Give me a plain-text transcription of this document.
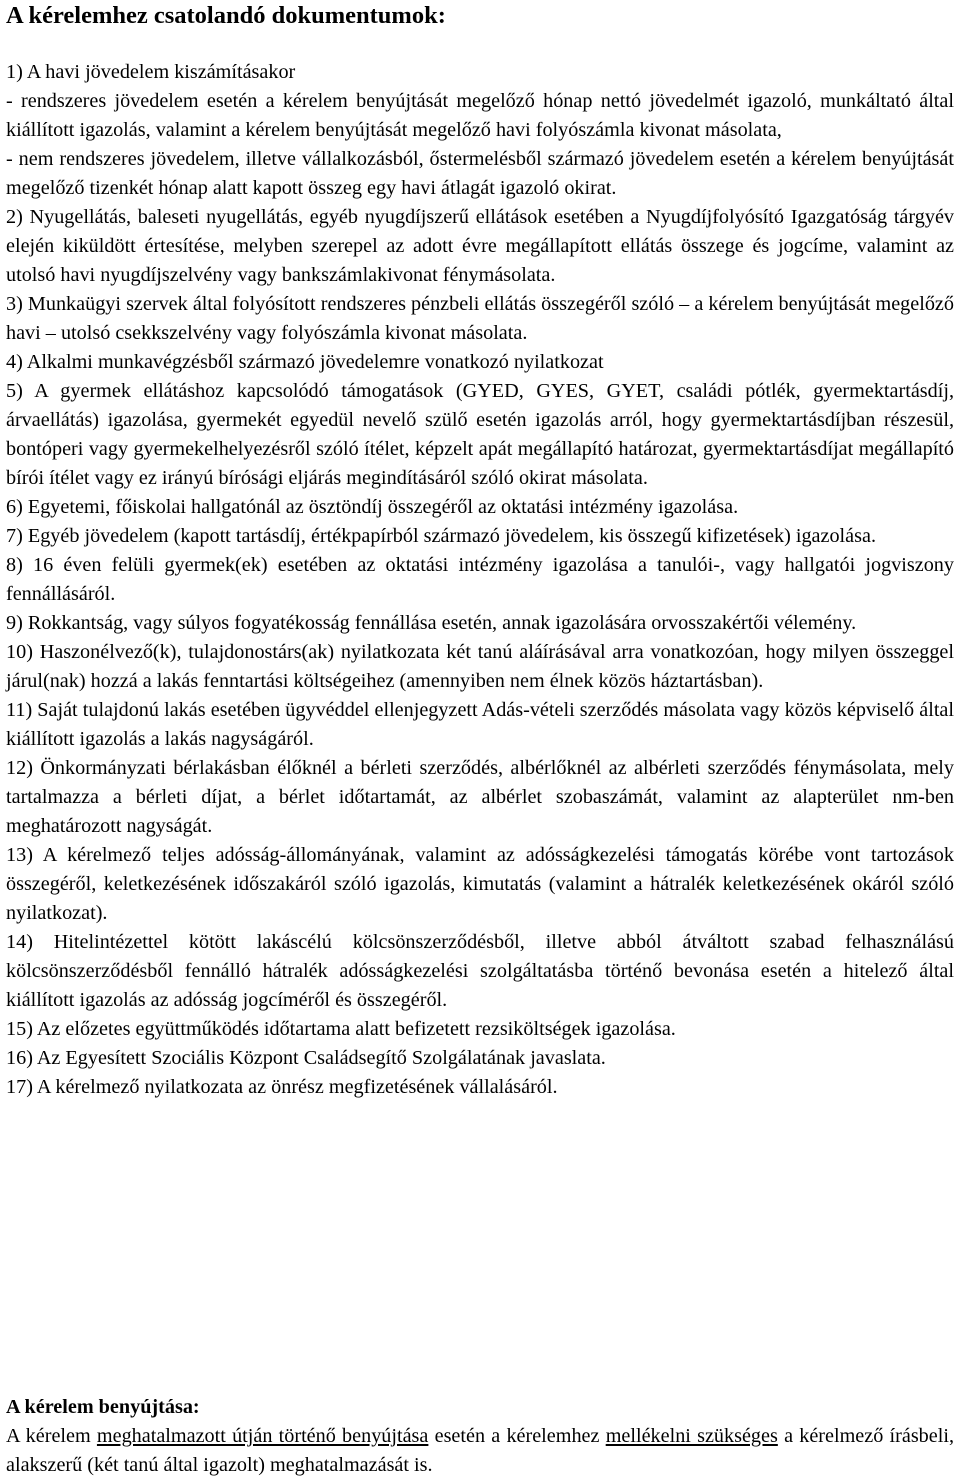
A kérelemhez csatolandó dokumentumok:

1) A havi jövedelem kiszámításakor

- rendszeres jövedelem esetén a kérelem benyújtását megelőző hónap nettó jövedelmét igazoló, munkáltató által kiállított igazolás, valamint a kérelem benyújtását megelőző havi folyószámla kivonat másolata,

- nem rendszeres jövedelem, illetve vállalkozásból, őstermelésből származó jövedelem esetén a kérelem benyújtását megelőző tizenkét hónap alatt kapott összeg egy havi átlagát igazoló okirat.

2) Nyugellátás, baleseti nyugellátás, egyéb nyugdíjszerű ellátások esetében a Nyugdíjfolyósító Igazgatóság tárgyév elején kiküldött értesítése, melyben szerepel az adott évre megállapított ellátás összege és jogcíme, valamint az utolsó havi nyugdíjszelvény vagy bankszámlakivonat fénymásolata.

3) Munkaügyi szervek által folyósított rendszeres pénzbeli ellátás összegéről szóló – a kérelem benyújtását megelőző havi – utolsó csekkszelvény vagy folyószámla kivonat másolata.

4) Alkalmi munkavégzésből származó jövedelemre vonatkozó nyilatkozat

5) A gyermek ellátáshoz kapcsolódó támogatások (GYED, GYES, GYET, családi pótlék, gyermektartásdíj, árvaellátás) igazolása, gyermekét egyedül nevelő szülő esetén igazolás arról, hogy gyermektartásdíjban részesül, bontóperi vagy gyermekelhelyezésről szóló ítélet, képzelt apát megállapító határozat, gyermektartásdíjat megállapító bírói ítélet vagy ez irányú bírósági eljárás megindításáról szóló okirat másolata.

6) Egyetemi, főiskolai hallgatónál az ösztöndíj összegéről az oktatási intézmény igazolása.

7) Egyéb jövedelem (kapott tartásdíj, értékpapírból származó jövedelem, kis összegű kifizetések) igazolása.

8) 16 éven felüli gyermek(ek) esetében az oktatási intézmény igazolása a tanulói-, vagy hallgatói jogviszony fennállásáról.

9) Rokkantság, vagy súlyos fogyatékosság fennállása esetén, annak igazolására orvosszakértői vélemény.

10) Haszonélvező(k), tulajdonostárs(ak) nyilatkozata két tanú aláírásával arra vonatkozóan, hogy milyen összeggel járul(nak) hozzá a lakás fenntartási költségeihez (amennyiben nem élnek közös háztartásban).

11) Saját tulajdonú lakás esetében ügyvéddel ellenjegyzett Adás-vételi szerződés másolata vagy közös képviselő által kiállított igazolás a lakás nagyságáról.

12) Önkormányzati bérlakásban élőknél a bérleti szerződés, albérlőknél az albérleti szerződés fénymásolata, mely tartalmazza a bérleti díjat, a bérlet időtartamát, az albérlet szobaszámát, valamint az alapterület nm-ben meghatározott nagyságát.

13) A kérelmező teljes adósság-állományának, valamint az adósságkezelési támogatás körébe vont tartozások összegéről, keletkezésének időszakáról szóló igazolás, kimutatás (valamint a hátralék keletkezésének okáról szóló nyilatkozat).

14) Hitelintézettel kötött lakáscélú kölcsönszerződésből, illetve abból átváltott szabad felhasználású kölcsönszerződésből fennálló hátralék adósságkezelési szolgáltatásba történő bevonása esetén a hitelező által kiállított igazolás az adósság jogcíméről és összegéről.

15) Az előzetes együttműködés időtartama alatt befizetett rezsiköltségek igazolása.

16) Az Egyesített Szociális Központ Családsegítő Szolgálatának javaslata.

17) A kérelmező nyilatkozata az önrész megfizetésének vállalásáról.

A kérelem benyújtása:

A kérelem meghatalmazott útján történő benyújtása esetén a kérelemhez mellékelni szükséges a kérelmező írásbeli, alakszerű (két tanú által igazolt) meghatalmazását is.
